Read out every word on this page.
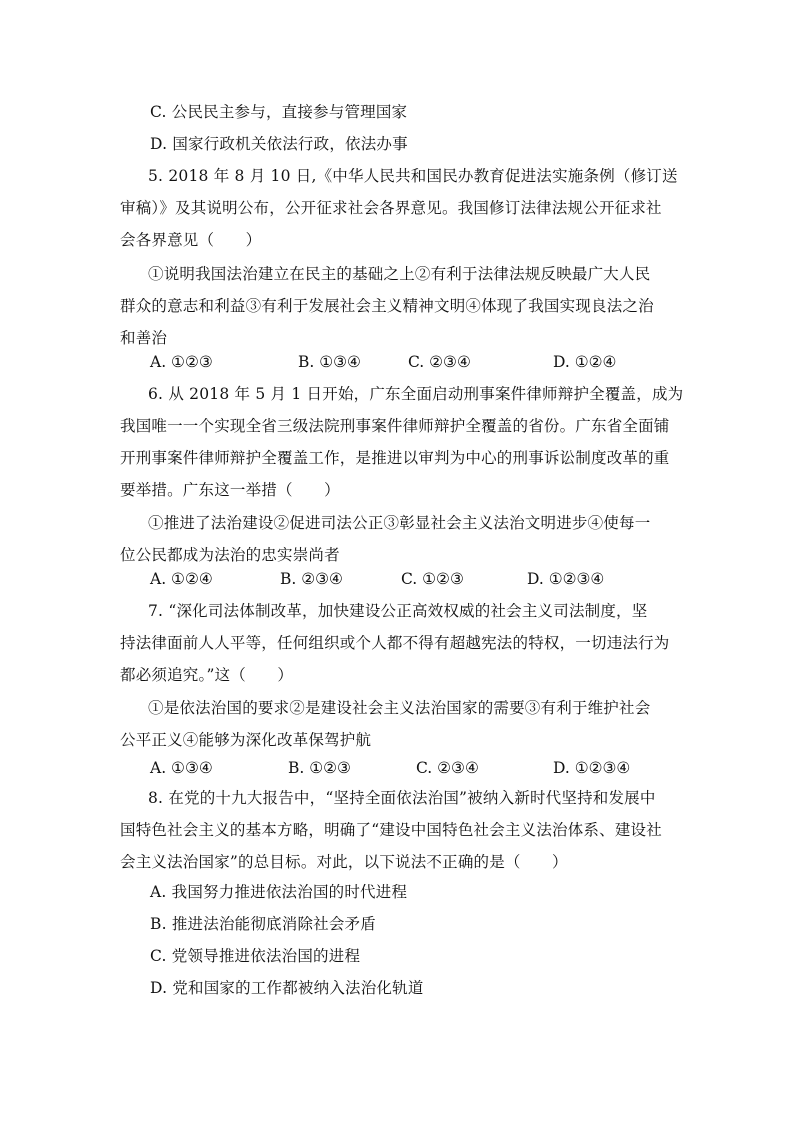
C. 公民民主参与，直接参与管理国家
D. 国家行政机关依法行政，依法办事
5. 2018 年 8 月 10 日,《中华人民共和国民办教育促进法实施条例（修订送
审稿）》及其说明公布，公开征求社会各界意见。我国修订法律法规公开征求社
会各界意见（　　）
①说明我国法治建立在民主的基础之上②有利于法律法规反映最广大人民
群众的意志和利益③有利于发展社会主义精神文明④体现了我国实现良法之治
和善治
A. ①②③	B. ①③④	C. ②③④	D. ①②④
6. 从 2018 年 5 月 1 日开始，广东全面启动刑事案件律师辩护全覆盖，成为
我国唯一一个实现全省三级法院刑事案件律师辩护全覆盖的省份。广东省全面铺
开刑事案件律师辩护全覆盖工作，是推进以审判为中心的刑事诉讼制度改革的重
要举措。广东这一举措（　　）
①推进了法治建设②促进司法公正③彰显社会主义法治文明进步④使每一
位公民都成为法治的忠实崇尚者
A. ①②④	B. ②③④	C. ①②③	D. ①②③④
7. “深化司法体制改革，加快建设公正高效权威的社会主义司法制度，坚
持法律面前人人平等，任何组织或个人都不得有超越宪法的特权，一切违法行为
都必须追究。”这（　　）
①是依法治国的要求②是建设社会主义法治国家的需要③有利于维护社会
公平正义④能够为深化改革保驾护航
A. ①③④	B. ①②③	C. ②③④	D. ①②③④
8. 在党的十九大报告中，“坚持全面依法治国”被纳入新时代坚持和发展中
国特色社会主义的基本方略，明确了“建设中国特色社会主义法治体系、建设社
会主义法治国家”的总目标。对此，以下说法不正确的是（　　）
A. 我国努力推进依法治国的时代进程
B. 推进法治能彻底消除社会矛盾
C. 党领导推进依法治国的进程
D. 党和国家的工作都被纳入法治化轨道
